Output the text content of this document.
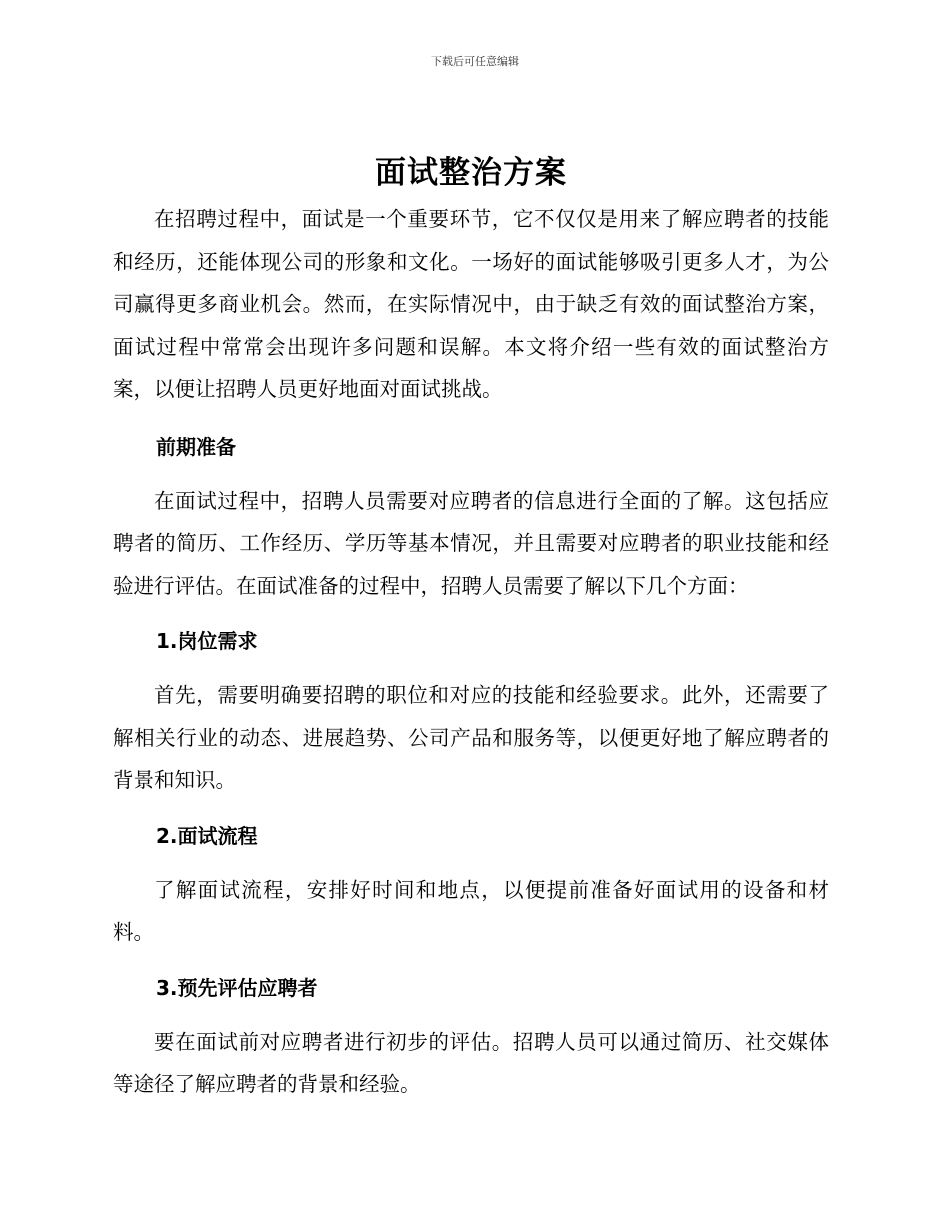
下载后可任意编辑
面试整治方案

在招聘过程中，面试是一个重要环节，它不仅仅是用来了解应聘者的技能和经历，还能体现公司的形象和文化。一场好的面试能够吸引更多人才，为公司赢得更多商业机会。然而，在实际情况中，由于缺乏有效的面试整治方案，面试过程中常常会出现许多问题和误解。本文将介绍一些有效的面试整治方案，以便让招聘人员更好地面对面试挑战。

前期准备

在面试过程中，招聘人员需要对应聘者的信息进行全面的了解。这包括应聘者的简历、工作经历、学历等基本情况，并且需要对应聘者的职业技能和经验进行评估。在面试准备的过程中，招聘人员需要了解以下几个方面：

1.岗位需求

首先，需要明确要招聘的职位和对应的技能和经验要求。此外，还需要了解相关行业的动态、进展趋势、公司产品和服务等，以便更好地了解应聘者的背景和知识。

2.面试流程

了解面试流程，安排好时间和地点，以便提前准备好面试用的设备和材料。

3.预先评估应聘者

要在面试前对应聘者进行初步的评估。招聘人员可以通过简历、社交媒体等途径了解应聘者的背景和经验。
